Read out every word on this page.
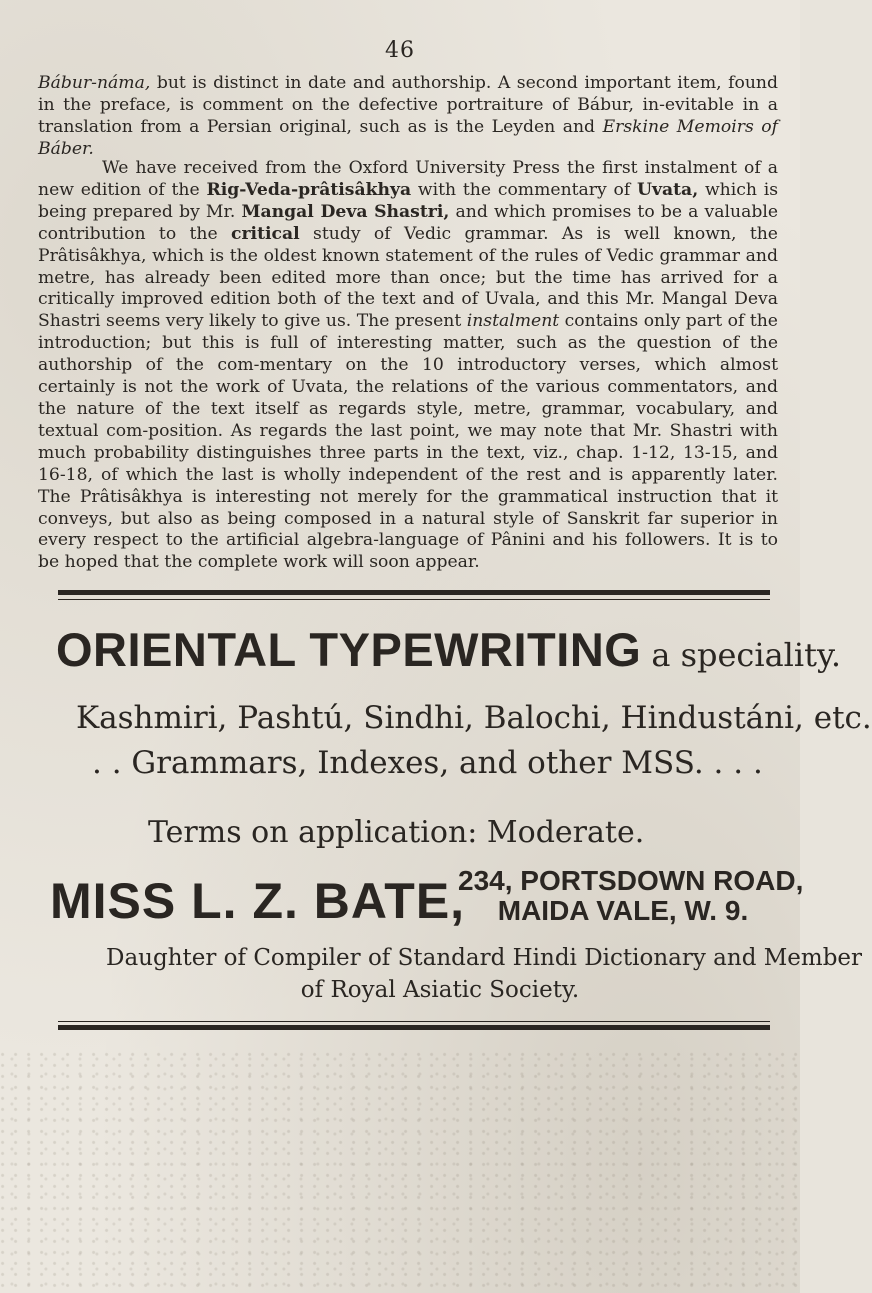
46
Bábur-náma, but is distinct in date and authorship. A second important item, found in the preface, is comment on the defective portraiture of Bábur, in-evitable in a translation from a Persian original, such as is the Leyden and Erskine Memoirs of Báber.
We have received from the Oxford University Press the first instalment of a new edition of the Rig-Veda-prâtisâkhya with the commentary of Uvata, which is being prepared by Mr. Mangal Deva Shastri, and which promises to be a valuable contribution to the critical study of Vedic grammar. As is well known, the Prâtisâkhya, which is the oldest known statement of the rules of Vedic grammar and metre, has already been edited more than once; but the time has arrived for a critically improved edition both of the text and of Uvala, and this Mr. Mangal Deva Shastri seems very likely to give us. The present instalment contains only part of the introduction; but this is full of interesting matter, such as the question of the authorship of the com-mentary on the 10 introductory verses, which almost certainly is not the work of Uvata, the relations of the various commentators, and the nature of the text itself as regards style, metre, grammar, vocabulary, and textual com-position. As regards the last point, we may note that Mr. Shastri with much probability distinguishes three parts in the text, viz., chap. 1-12, 13-15, and 16-18, of which the last is wholly independent of the rest and is apparently later. The Prâtisâkhya is interesting not merely for the grammatical instruction that it conveys, but also as being composed in a natural style of Sanskrit far superior in every respect to the artificial algebra-language of Pânini and his followers. It is to be hoped that the complete work will soon appear.
ORIENTAL TYPEWRITING a speciality.
Kashmiri, Pashtú, Sindhi, Balochi, Hindustáni, etc.
. . Grammars, Indexes, and other MSS. . . .
Terms on application: Moderate.
MISS L. Z. BATE,
234, PORTSDOWN ROAD,
MAIDA VALE, W. 9.
Daughter of Compiler of Standard Hindi Dictionary and Member
of Royal Asiatic Society.
